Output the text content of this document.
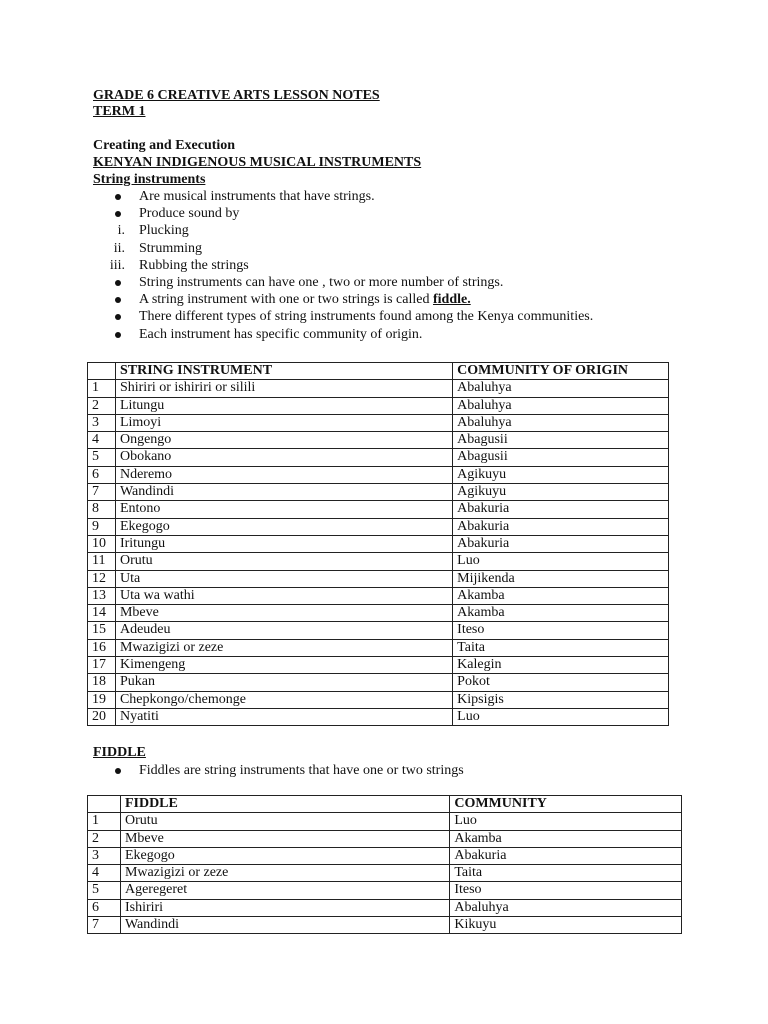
GRADE 6 CREATIVE ARTS LESSON NOTES
TERM 1
Creating and Execution
KENYAN INDIGENOUS MUSICAL INSTRUMENTS
String instruments
Are musical instruments that have strings.
Produce sound by
i. Plucking
ii. Strumming
iii. Rubbing the strings
String instruments can have one , two or more number of strings.
A string instrument with one or two strings is called fiddle.
There different types of string instruments found among the Kenya communities.
Each instrument has specific community of origin.
	STRING INSTRUMENT	COMMUNITY OF ORIGIN
1	Shiriri or ishiriri or silili	Abaluhya
2	Litungu	Abaluhya
3	Limoyi	Abaluhya
4	Ongengo	Abagusii
5	Obokano	Abagusii
6	Nderemo	Agikuyu
7	Wandindi	Agikuyu
8	Entono	Abakuria
9	Ekegogo	Abakuria
10	Iritungu	Abakuria
11	Orutu	Luo
12	Uta	Mijikenda
13	Uta wa wathi	Akamba
14	Mbeve	Akamba
15	Adeudeu	Iteso
16	Mwazigizi or zeze	Taita
17	Kimengeng	Kalegin
18	Pukan	Pokot
19	Chepkongo/chemonge	Kipsigis
20	Nyatiti	Luo
FIDDLE
Fiddles are string instruments that have one or two strings
	FIDDLE	COMMUNITY
1	Orutu	Luo
2	Mbeve	Akamba
3	Ekegogo	Abakuria
4	Mwazigizi or zeze	Taita
5	Ageregeret	Iteso
6	Ishiriri	Abaluhya
7	Wandindi	Kikuyu
